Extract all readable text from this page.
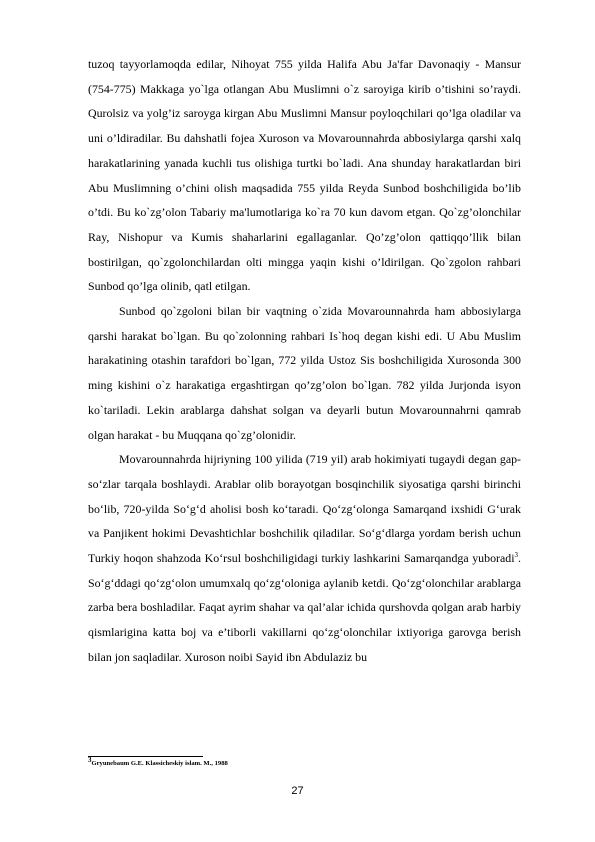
tuzoq tayyorlamoqda edilar, Nihoyat 755 yilda Halifa Abu Ja'far Davonaqiy - Mansur (754-775) Makkaga yo`lga otlangan Abu Muslimni o`z saroyiga kirib o’tishini so’raydi. Qurolsiz va yolg’iz saroyga kirgan Abu Muslimni Mansur poyloqchilari qo’lga oladilar va uni o’ldiradilar. Bu dahshatli fojea Xuroson va Movarounnahrda abbosiylarga qarshi xalq harakatlarining yanada kuchli tus olishiga turtki bo`ladi. Ana shunday harakatlardan biri Abu Muslimning o’chini olish maqsadida 755 yilda Reyda Sunbod boshchiligida bo’lib o’tdi. Bu ko`zg’olon Tabariy ma'lumotlariga ko`ra 70 kun davom etgan. Qo`zg’olonchilar Ray, Nishopur va Kumis shaharlarini egallaganlar. Qo’zg’olon qattiqqo’llik bilan bostirilgan, qo`zgolonchilardan olti mingga yaqin kishi o’ldirilgan. Qo`zgolon rahbari Sunbod qo’lga olinib, qatl etilgan.

Sunbod qo`zgoloni bilan bir vaqtning o`zida Movarounnahrda ham abbosiylarga qarshi harakat bo`lgan. Bu qo`zolonning rahbari Is`hoq degan kishi edi. U Abu Muslim harakatining otashin tarafdori bo`lgan, 772 yilda Ustoz Sis boshchiligida Xurosonda 300 ming kishini o`z harakatiga ergashtirgan qo’zg’olon bo`lgan. 782 yilda Jurjonda isyon ko`tariladi. Lekin arablarga dahshat solgan va deyarli butun Movarounnahrni qamrab olgan harakat - bu Muqqana qo`zg’olonidir.

Movarounnahrda hijriyning 100 yilida (719 yil) arab hokimiyati tugaydi degan gap-so‘zlar tarqala boshlaydi. Arablar olib borayotgan bosqinchilik siyosatiga qarshi birinchi bo‘lib, 720-yilda So‘g‘d aholisi bosh ko‘taradi. Qo‘zg‘olonga Samarqand ixshidi G‘urak va Panjikent hokimi Devashtichlar boshchilik qiladilar. So‘g‘dlarga yordam berish uchun Turkiy hoqon shahzoda Ko‘rsul boshchiligidagi turkiy lashkarini Samarqandga yuboradi$^3$. So‘g‘ddagi qo‘zg‘olon umumxalq qo‘zg‘oloniga aylanib ketdi. Qo‘zg‘olonchilar arablarga zarba bera boshladilar. Faqat ayrim shahar va qal’alar ichida qurshovda qolgan arab harbiy qismlarigina katta boj va e’tiborli vakillarni qo‘zg‘olonchilar ixtiyoriga garovga berish bilan jon saqladilar. Xuroson noibi Sayid ibn Abdulaziz bu

$^3$Gryunebaum G.E. Klassicheskiy islam. M., 1988
27
